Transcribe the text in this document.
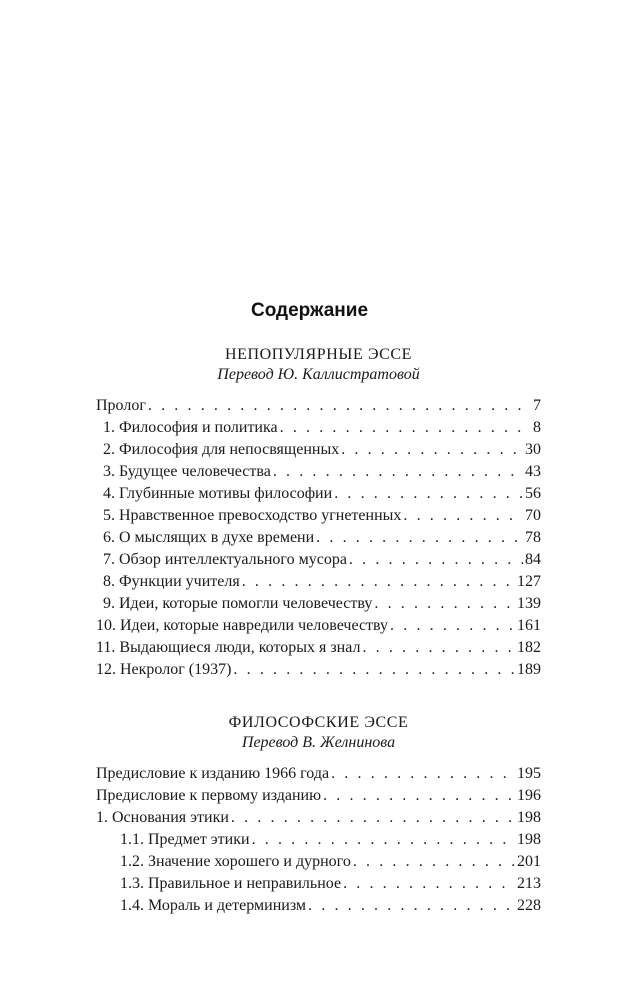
Содержание
НЕПОПУЛЯРНЫЕ ЭССЕ
Перевод Ю. Каллистратовой
Пролог . . .	7
1. Философия и политика . . .	8
2. Философия для непосвященных . . .	30
3. Будущее человечества . . .	43
4. Глубинные мотивы философии . . .	56
5. Нравственное превосходство угнетенных . . .	70
6. О мыслящих в духе времени . . .	78
7. Обзор интеллектуального мусора . . .	84
8. Функции учителя . . .	127
9. Идеи, которые помогли человечеству . . .	139
10. Идеи, которые навредили человечеству . . .	161
11. Выдающиеся люди, которых я знал . . .	182
12. Некролог (1937) . . .	189
ФИЛОСОФСКИЕ ЭССЕ
Перевод В. Желнинова
Предисловие к изданию 1966 года . . .	195
Предисловие к первому изданию . . .	196
1. Основания этики . . .	198
1.1. Предмет этики . . .	198
1.2. Значение хорошего и дурного . . .	201
1.3. Правильное и неправильное . . .	213
1.4. Мораль и детерминизм . . .	228
